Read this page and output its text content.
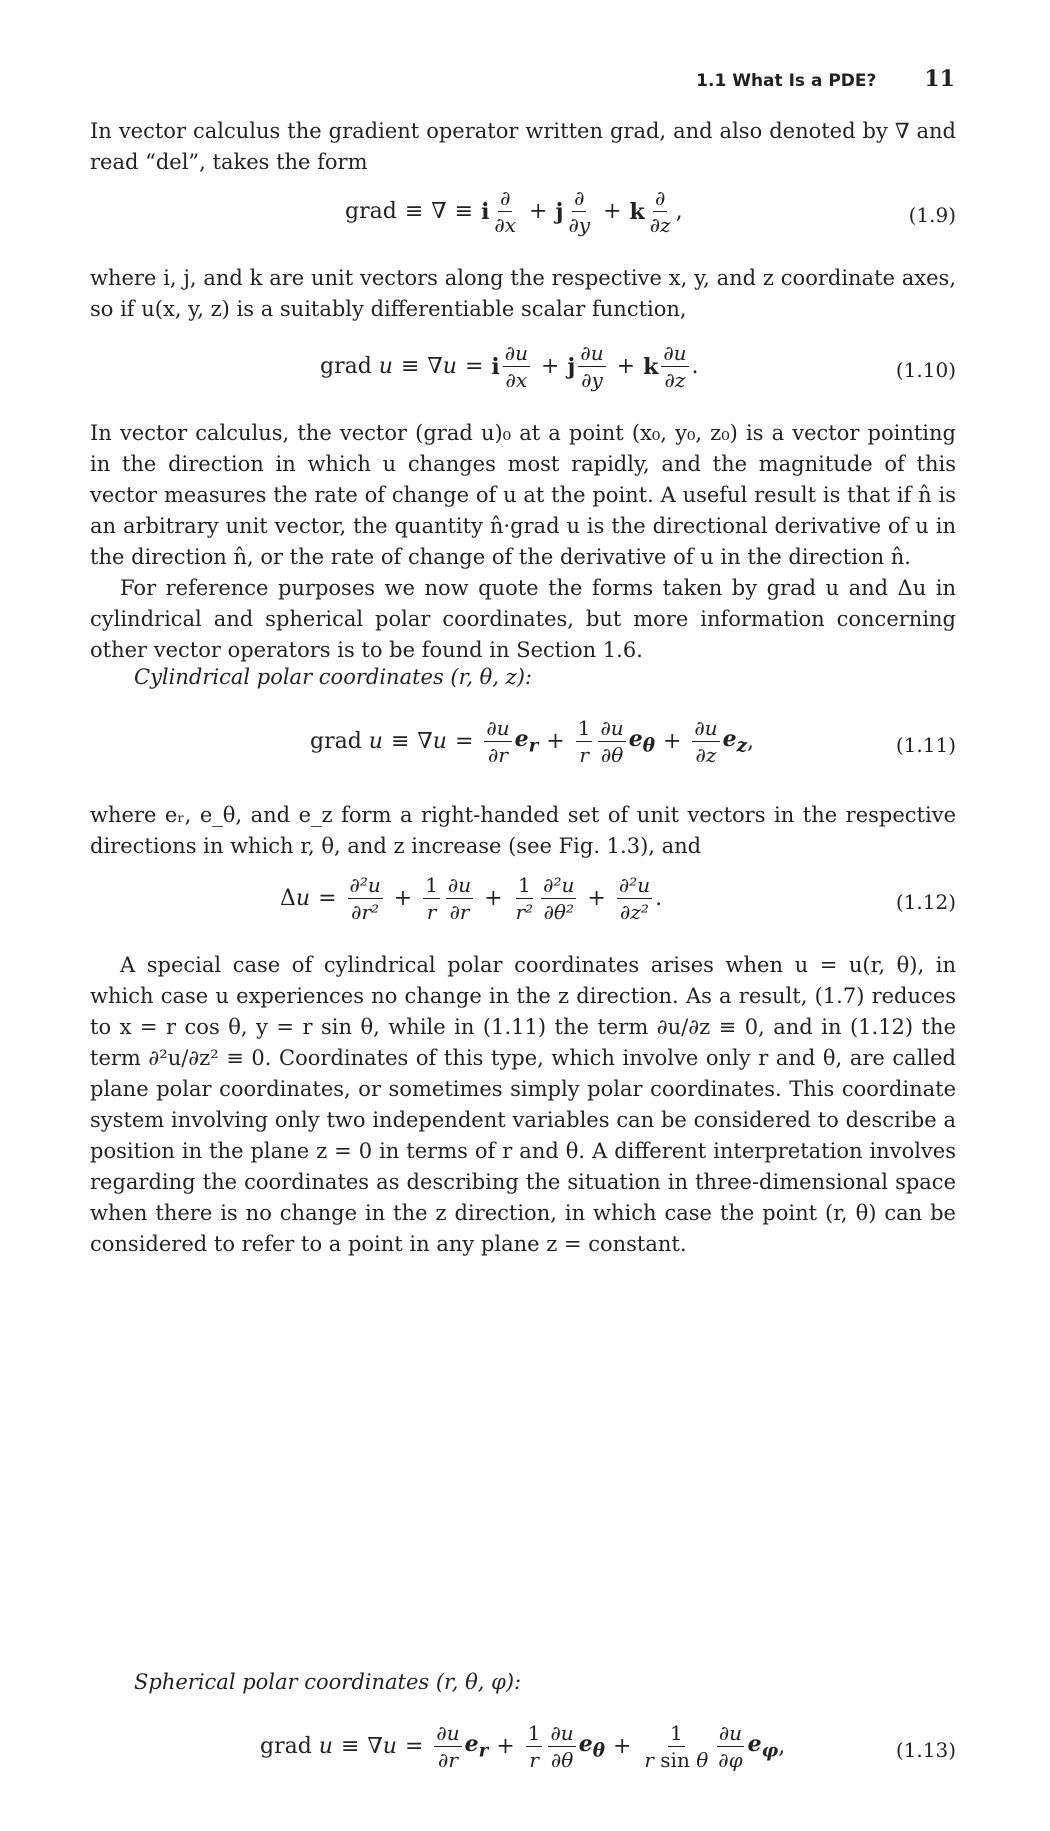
1.1 What Is a PDE? 11

In vector calculus the gradient operator written grad, and also denoted by ∇ and read “del”, takes the form

grad ≡ ∇ ≡ i $\frac{\partial}{\partial x} + j \frac{\partial}{\partial y} + k \frac{\partial}{\partial z}$ ,	(1.9)

where i, j, and k are unit vectors along the respective x, y, and z coordinate axes, so if u(x, y, z) is a suitably differentiable scalar function,

grad u ≡ ∇u = i $\frac{\partial u}{\partial x} + j \frac{\partial u}{\partial y} + k \frac{\partial u}{\partial z}$ .	(1.10)

In vector calculus, the vector (grad u)₀ at a point (x₀, y₀, z₀) is a vector pointing in the direction in which u changes most rapidly, and the magnitude of this vector measures the rate of change of u at the point. A useful result is that if n̂ is an arbitrary unit vector, the quantity n̂·grad u is the directional derivative of u in the direction n̂, or the rate of change of the derivative of u in the direction n̂.

For reference purposes we now quote the forms taken by grad u and Δu in cylindrical and spherical polar coordinates, but more information concerning other vector operators is to be found in Section 1.6.

Cylindrical polar coordinates (r, θ, z):
grad $u \equiv \nabla u = \frac{\partial u}{\partial r} e_r + \frac{1}{r} \frac{\partial u}{\partial\theta} e_\theta + \frac{\partial u}{\partial z} e_z$ ,	(1.11)

where eᵣ, e_θ, and e_z form a right-handed set of unit vectors in the respective directions in which r, θ, and z increase (see Fig. 1.3), and

$\Delta u = \frac{\text{∂²u}}{\text{∂r²}} + \frac{1}{r} \frac{\partial u}{\partial r} + \frac{1}{\text{r²}} \frac{\text{∂²u}}{\text{∂θ²}} + \frac{\text{∂²u}}{\text{∂z²}}$ .	(1.12)

A special case of cylindrical polar coordinates arises when u = u(r, θ), in which case u experiences no change in the z direction. As a result, (1.7) reduces to x = r cos θ, y = r sin θ, while in (1.11) the term ∂u/∂z ≡ 0, and in (1.12) the term ∂²u/∂z² ≡ 0. Coordinates of this type, which involve only r and θ, are called plane polar coordinates, or sometimes simply polar coordinates. This coordinate system involving only two independent variables can be considered to describe a position in the plane z = 0 in terms of r and θ. A different interpretation involves regarding the coordinates as describing the situation in three-dimensional space when there is no change in the z direction, in which case the point (r, θ) can be considered to refer to a point in any plane z = constant.

Spherical polar coordinates (r, θ, φ):
grad $u \equiv \nabla u = \frac{\partial u}{\partial r} e_r + \frac{1}{r} \frac{\partial u}{\partial\theta} e_\theta + \frac{1}{\text{r sin θ}} \frac{\partial u}{\partial\varphi} e_\varphi$ ,	(1.13)
